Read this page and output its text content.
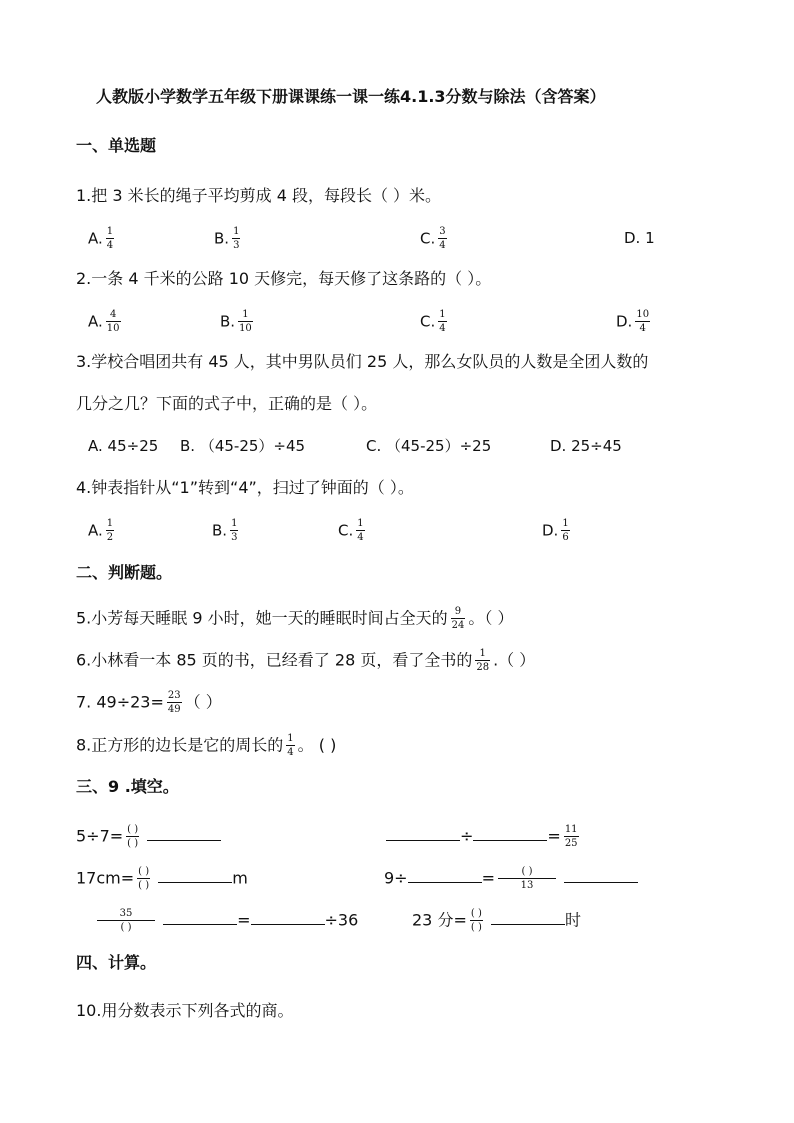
人教版小学数学五年级下册课课练一课一练4.1.3分数与除法（含答案）
一、单选题
1.把 3 米长的绳子平均剪成 4 段，每段长（ ）米。
A. $\frac{1}{4}$	B. $\frac{1}{3}$	C. $\frac{3}{4}$	D. 1
2.一条 4 千米的公路 10 天修完，每天修了这条路的（ ）。
A. $\frac{4}{10}$	B. $\frac{1}{10}$	C. $\frac{1}{4}$	D. $\frac{10}{4}$
3.学校合唱团共有 45 人，其中男队员们 25 人，那么女队员的人数是全团人数的
几分之几？下面的式子中，正确的是（ ）。
A. 45÷25 B. （45-25）÷45	C. （45-25）÷25	D. 25÷45
4.钟表指针从“1”转到“4”，扫过了钟面的（ ）。
A. $\frac{1}{2}$	B. $\frac{1}{3}$	C. $\frac{1}{4}$	D. $\frac{1}{6}$
二、判断题。
5.小芳每天睡眠 9 小时，她一天的睡眠时间占全天的 $\frac{9}{24}$ 。（ ）
6.小林看一本 85 页的书，已经看了 28 页，看了全书的 $\frac{1}{28}$ .（ ）
7. $49\div 23= \frac{23}{49}$ （ ）
8.正方形的边长是它的周长的 $\frac{1}{4}$ 。 ( )
三、9 .填空。
$5\div 7= \frac{( )}{( )}$
	÷	= $\frac{11}{25}$
$17cm= \frac{( )}{( )}$	m	9÷	= $\frac{( )}{13}$

$\frac{35}{( )}$	=	÷36	23 分= $\frac{( )}{( )}$	时
四、计算。
10.用分数表示下列各式的商。
